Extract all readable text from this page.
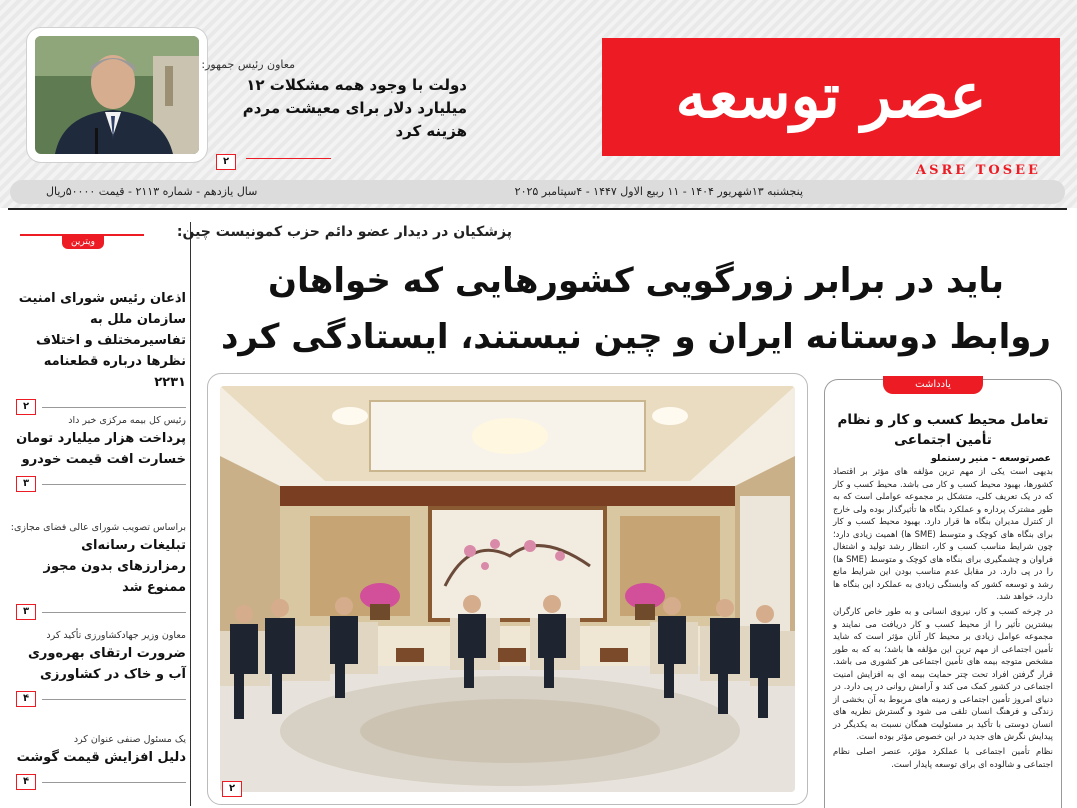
عصر توسعه
ASRE TOSEE
معاون رئیس جمهور:
دولت با وجود همه مشکلات ۱۲ میلیارد دلار برای معیشت مردم هزینه کرد
۲
پنجشنبه ۱۳شهریور ۱۴۰۴ - ۱۱ ربیع الاول ۱۴۴۷ - ۴سپتامبر ۲۰۲۵
سال یازدهم - شماره ۲۱۱۳ - قیمت ۵۰۰۰۰ریال
ویترین
اذعان رئیس شورای امنیت سازمان ملل به تفاسیرمختلف و اختلاف نظرها درباره قطعنامه ۲۲۳۱
۲
رئیس کل بیمه مرکزی خبر داد
پرداخت هزار میلیارد تومان خسارت افت قیمت خودرو
۳
براساس تصویب شورای عالی فضای مجازی:
تبلیغات رسانه‌ای رمزارزهای بدون مجوز ممنوع شد
۳
معاون وزیر جهادکشاورزی تأکید کرد
ضرورت ارتقای بهره‌وری آب و خاک در کشاورزی
۴
یک مسئول صنفی عنوان کرد
دلیل افزایش قیمت گوشت
۴
پزشکیان در دیدار عضو دائم حزب کمونیست چین:
باید در برابر زورگویی کشورهایی که خواهان
روابط دوستانه ایران و چین نیستند، ایستادگی کرد
۲
یادداشت
تعامل محیط کسب و کار و نظام تأمین اجتماعی
عصرتوسعه - منیر رستملو

بدیهی است یکی از مهم ترین مؤلفه های مؤثر بر اقتصاد کشورها، بهبود محیط کسب و کار می باشد. محیط کسب و کار که در یک تعریف کلی، متشکل بر مجموعه عواملی است که به طور مشترک پرداره و عملکرد بنگاه ها تأثیرگذار بوده ولی خارج از کنترل مدیران بنگاه ها قرار دارد. بهبود محیط کسب و کار برای بنگاه های کوچک و متوسط (SME ها) اهمیت زیادی دارد؛ چون شرایط مناسب کسب و کار، انتظار رشد تولید و اشتغال فراوان و چشمگیری برای بنگاه های کوچک و متوسط (SME ها) را در پی دارد. در مقابل عدم مناسب بودن این شرایط مانع رشد و توسعه کشور که وابستگی زیادی به عملکرد این بنگاه ها دارد، خواهد شد.

در چرخه کسب و کار، نیروی انسانی و به طور خاص کارگران بیشترین تأثیر را از محیط کسب و کار دریافت می نمایند و مجموعه عوامل زیادی بر محیط کار آنان مؤثر است که شاید تأمین اجتماعی از مهم ترین این مؤلفه ها باشد؛ به که به طور مشخص متوجه بیمه های تأمین اجتماعی هر کشوری می باشد. قرار گرفتن افراد تحت چتر حمایت بیمه ای به افزایش امنیت اجتماعی در کشور کمک می کند و آرامش روانی در پی دارد. در دنیای امروز تأمین اجتماعی و زمینه های مربوط به آن بخشی از زندگی و فرهنگ انسان تلقی می شود و گسترش نظریه های انسان دوستی با تأکید بر مسئولیت همگان نسبت به یکدیگر در پیدایش نگرش های جدید در این خصوص مؤثر بوده است.

نظام تأمین اجتماعی با عملکرد مؤثر، عنصر اصلی نظام اجتماعی و شالوده ای برای توسعه پایدار است.
